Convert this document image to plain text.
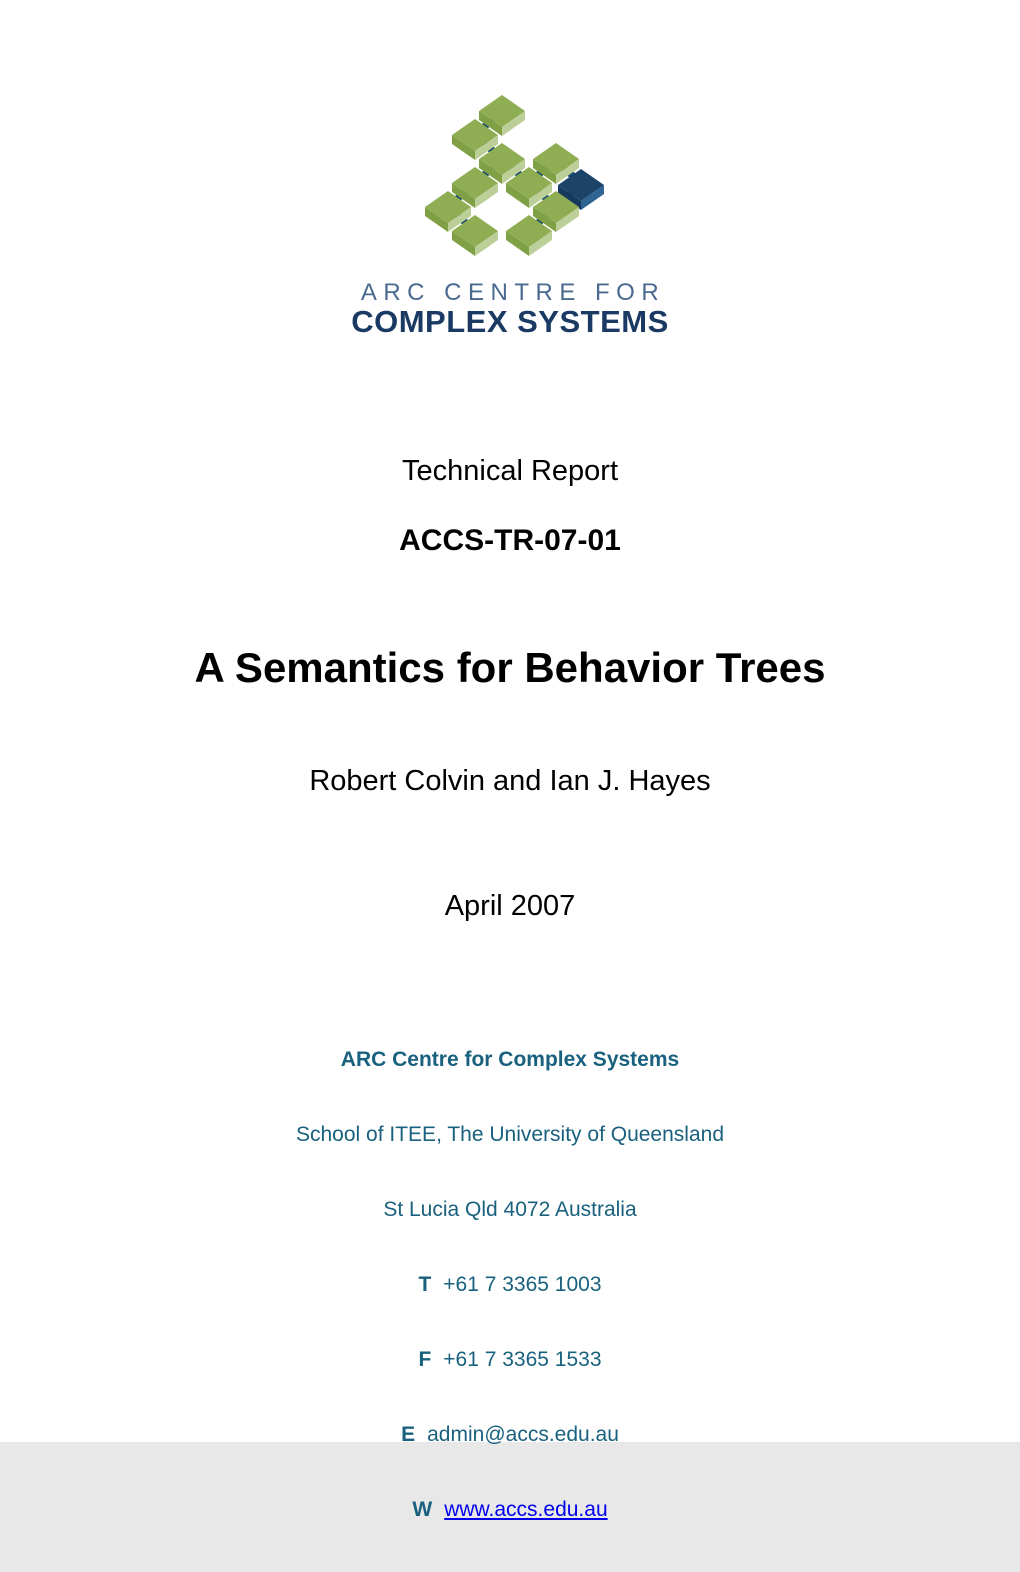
ARC CENTRE FOR
COMPLEX SYSTEMS
Technical Report
ACCS-TR-07-01
A Semantics for Behavior Trees
Robert Colvin and Ian J. Hayes
April 2007

ARC Centre for Complex Systems

School of ITEE, The University of Queensland

St Lucia Qld 4072 Australia

T +61 7 3365 1003

F +61 7 3365 1533

E admin@accs.edu.au

W www.accs.edu.au
